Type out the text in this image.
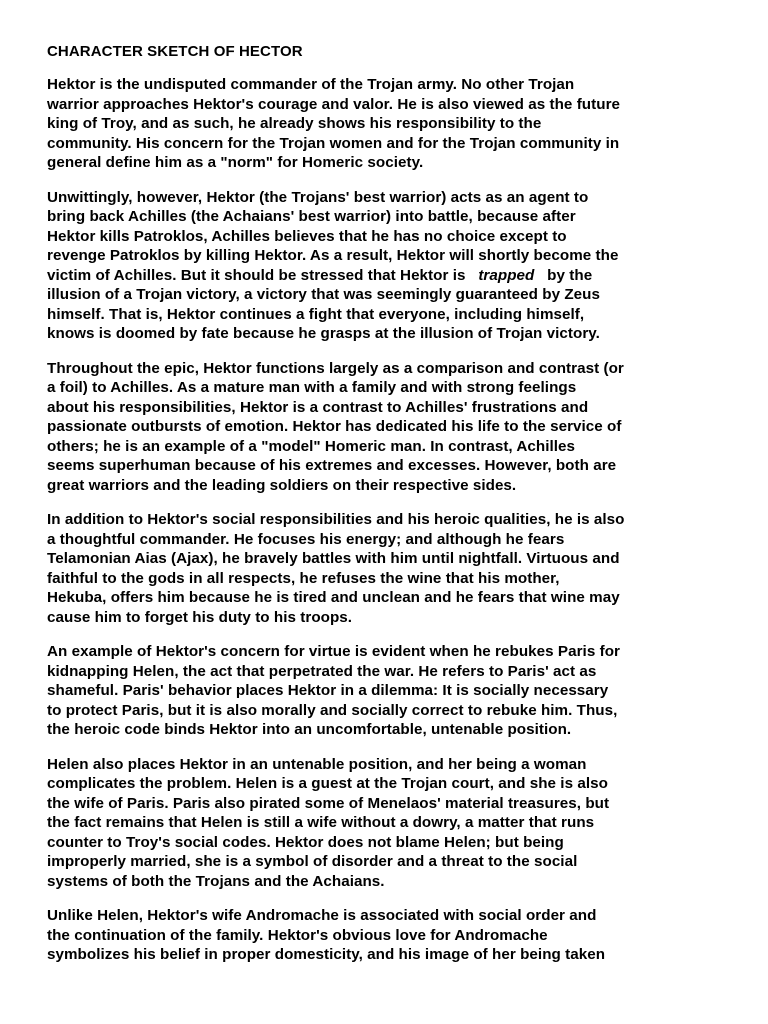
CHARACTER SKETCH OF HECTOR
Hektor is the undisputed commander of the Trojan army. No other Trojan
warrior approaches Hektor's courage and valor. He is also viewed as the future
king of Troy, and as such, he already shows his responsibility to the
community. His concern for the Trojan women and for the Trojan community in
general define him as a "norm" for Homeric society.
Unwittingly, however, Hektor (the Trojans' best warrior) acts as an agent to
bring back Achilles (the Achaians' best warrior) into battle, because after
Hektor kills Patroklos, Achilles believes that he has no choice except to
revenge Patroklos by killing Hektor. As a result, Hektor will shortly become the
victim of Achilles. But it should be stressed that Hektor is trapped by the
illusion of a Trojan victory, a victory that was seemingly guaranteed by Zeus
himself. That is, Hektor continues a fight that everyone, including himself,
knows is doomed by fate because he grasps at the illusion of Trojan victory.
Throughout the epic, Hektor functions largely as a comparison and contrast (or
a foil) to Achilles. As a mature man with a family and with strong feelings
about his responsibilities, Hektor is a contrast to Achilles' frustrations and
passionate outbursts of emotion. Hektor has dedicated his life to the service of
others; he is an example of a "model" Homeric man. In contrast, Achilles
seems superhuman because of his extremes and excesses. However, both are
great warriors and the leading soldiers on their respective sides.
In addition to Hektor's social responsibilities and his heroic qualities, he is also
a thoughtful commander. He focuses his energy; and although he fears
Telamonian Aias (Ajax), he bravely battles with him until nightfall. Virtuous and
faithful to the gods in all respects, he refuses the wine that his mother,
Hekuba, offers him because he is tired and unclean and he fears that wine may
cause him to forget his duty to his troops.
An example of Hektor's concern for virtue is evident when he rebukes Paris for
kidnapping Helen, the act that perpetrated the war. He refers to Paris' act as
shameful. Paris' behavior places Hektor in a dilemma: It is socially necessary
to protect Paris, but it is also morally and socially correct to rebuke him. Thus,
the heroic code binds Hektor into an uncomfortable, untenable position.
Helen also places Hektor in an untenable position, and her being a woman
complicates the problem. Helen is a guest at the Trojan court, and she is also
the wife of Paris. Paris also pirated some of Menelaos' material treasures, but
the fact remains that Helen is still a wife without a dowry, a matter that runs
counter to Troy's social codes. Hektor does not blame Helen; but being
improperly married, she is a symbol of disorder and a threat to the social
systems of both the Trojans and the Achaians.
Unlike Helen, Hektor's wife Andromache is associated with social order and
the continuation of the family. Hektor's obvious love for Andromache
symbolizes his belief in proper domesticity, and his image of her being taken
